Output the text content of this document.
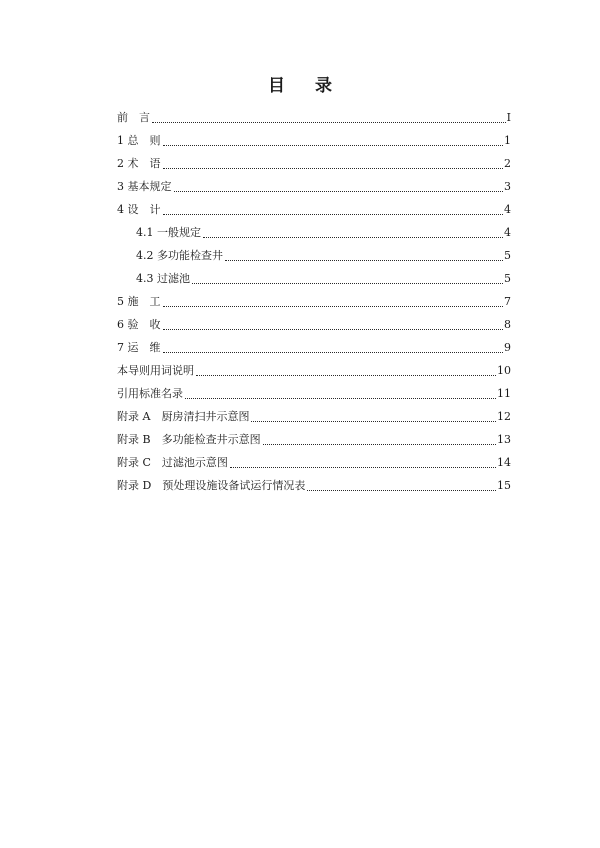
目 录
前　言	I
1 总　则	1
2 术　语	2
3 基本规定	3
4 设　计	4
4.1 一般规定	4
4.2 多功能检查井	5
4.3 过滤池	5
5 施　工	7
6 验　收	8
7 运　维	9
本导则用词说明	10
引用标准名录	11
附录 A　厨房清扫井示意图	12
附录 B　多功能检查井示意图	13
附录 C　过滤池示意图	14
附录 D　预处理设施设备试运行情况表	15
